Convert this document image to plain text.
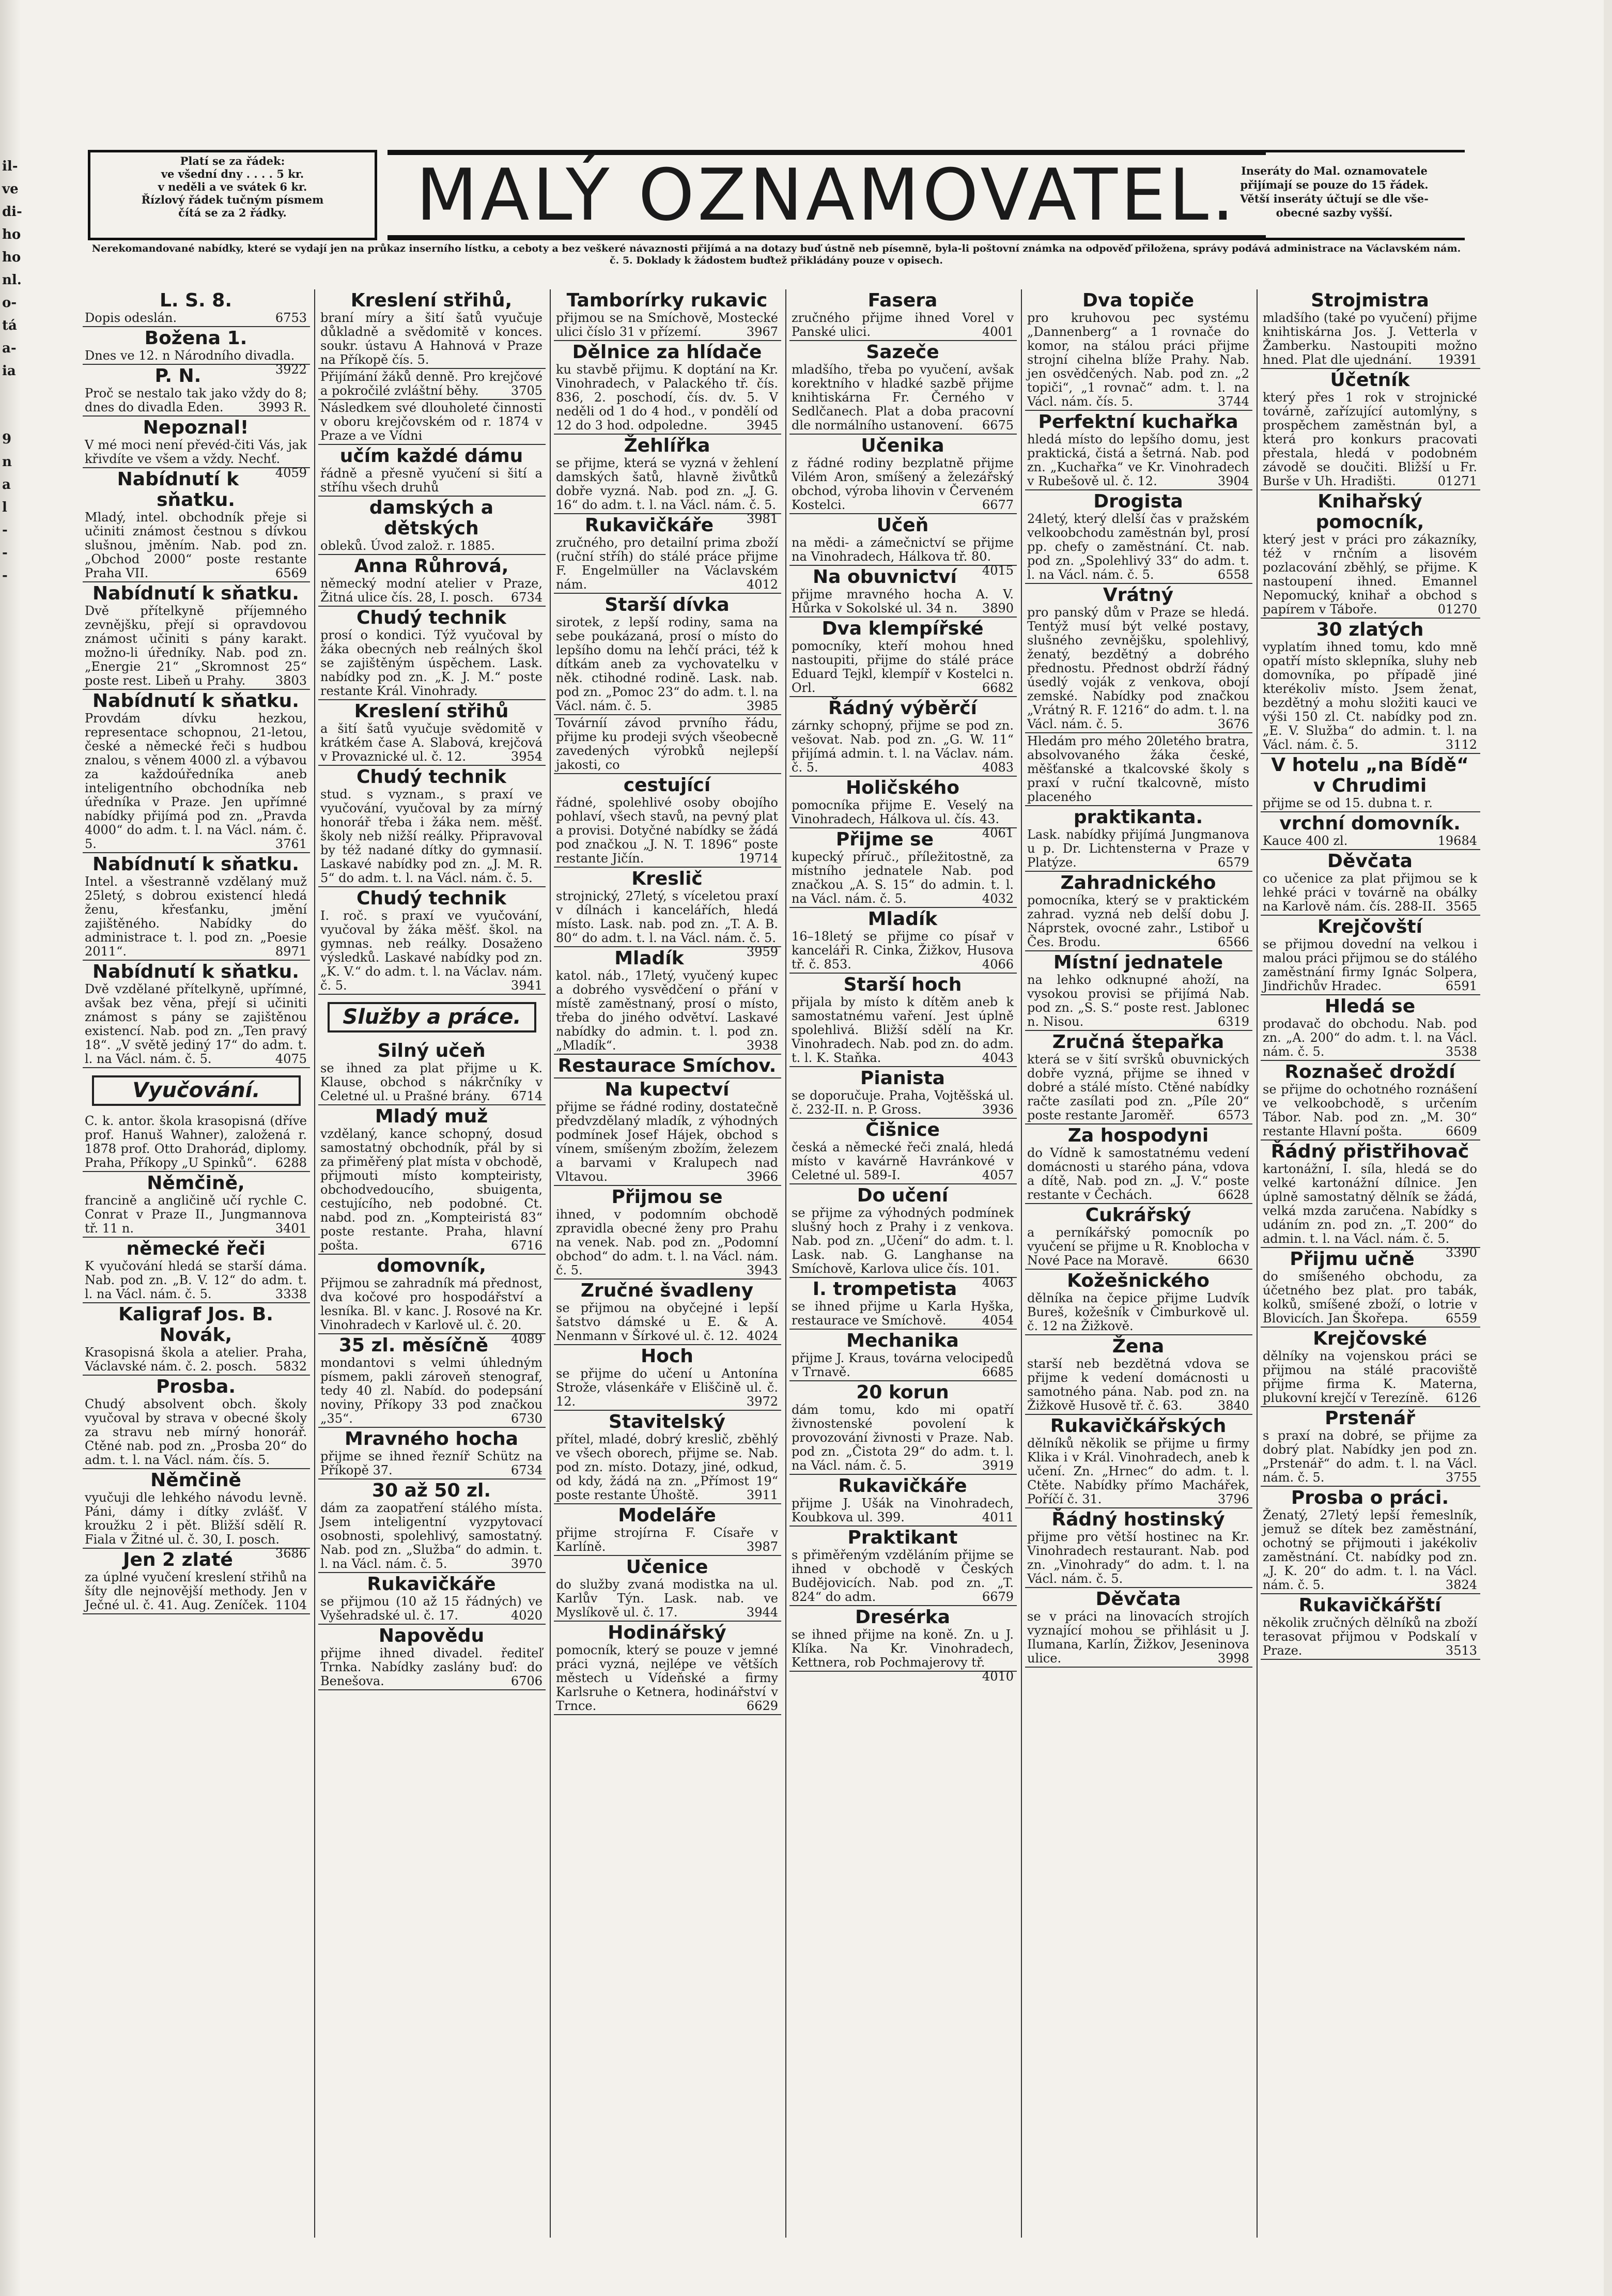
il-
ve
di-
ho
ho
nl.
o-
tá
a-
ia
9
n
a
l
-
-
-
Platí se za řádek:
ve všední dny . . . . 5 kr.
v neděli a ve svátek 6 kr.
Řízlový řádek tučným písmem
čítá se za 2 řádky.	MALÝ OZNAMOVATEL. Inseráty do Mal. oznamovatele
přijímají se pouze do 15 řádek.
Větší inseráty účtují se dle vše-
obecné sazby vyšší.
Nerekomandované nabídky, které se vydají jen na průkaz inserního lístku, a ceboty a bez veškeré návaznosti přijímá a na dotazy buď ústně neb písemně, byla-li poštovní známka na odpověď přiložena, správy podává administrace na Václavském nám. č. 5. Doklady k žádostem buďtež přikládány pouze v opisech.
L. S. 8.
Dopis odeslán.	6753
Božena 1.
Dnes ve 12. n Národního divadla.
3922
P. N.
Proč se nestalo tak jako vždy do 8; dnes do divadla Eden.	3993 R.
Nepoznal!
V mé moci není převéd-čiti Vás, jak křivdíte ve všem a vždy. Nechť.
4059
Nabídnutí k sňatku.
Mladý, intel. obchodník přeje si učiniti známost čestnou s dívkou slušnou, jměním. Nab. pod zn. „Obchod 2000“ poste restante Praha VII.	6569
Nabídnutí k sňatku.
Dvě přítelkyně příjemného zevnějšku, přejí si opravdovou známost učiniti s pány karakt. možno-li úředníky. Nab. pod zn. „Energie 21“ „Skromnost 25“ poste rest. Libeň u Prahy.	3803
Nabídnutí k sňatku.
Provdám dívku hezkou, representace schopnou, 21-letou, české a německé řeči s hudbou znalou, s věnem 4000 zl. a výbavou za každoúředníka aneb inteligentního obchodníka neb úředníka v Praze. Jen upřímné nabídky přijímá pod zn. „Pravda 4000“ do adm. t. l. na Václ. nám. č. 5.	3761
Nabídnutí k sňatku.
Intel. a všestranně vzdělaný muž 25letý, s dobrou existencí hledá ženu, křesťanku, jmění zajištěného. Nabídky do administrace t. l. pod zn. „Poesie 2011“.	8971
Nabídnutí k sňatku.
Dvě vzdělané přítelkyně, upřímné, avšak bez věna, přejí si učiniti známost s pány se zajištěnou existencí. Nab. pod zn. „Ten pravý 18“. „V světě jediný 17“ do adm. t. l. na Václ. nám. č. 5.	4075
Vyučování.
C. k. antor. škola krasopisná (dříve prof. Hanuš Wahner), založená r. 1878 prof. Otto Drahorád, diplomy. Praha, Příkopy „U Spinků“.	6288
Němčině,
francině a angličině učí rychle C. Conrat v Praze II., Jungmannova tř. 11 n.	3401
německé řeči
K vyučování hledá se starší dáma. Nab. pod zn. „B. V. 12“ do adm. t. l. na Václ. nám. č. 5.	3338
Kaligraf Jos. B. Novák,
Krasopisná škola a atelier. Praha, Václavské nám. č. 2. posch.	5832
Prosba.
Chudý absolvent obch. školy vyučoval by strava v obecné školy za stravu neb mírný honorář. Ctěné nab. pod zn. „Prosba 20“ do adm. t. l. na Václ. nám. čís. 5.
Němčině
vyučuji dle lehkého návodu levně. Páni, dámy i dítky zvlášť. V kroužku 2 i pět. Bližší sdělí R. Fiala v Žitné ul. č. 30, I. posch.
3686
Jen 2 zlaté
za úplné vyučení kreslení střihů na šíty dle nejnovější methody. Jen v Ječné ul. č. 41. Aug. Zeníček. 1104
Kreslení střihů,
braní míry a šití šatů vyučuje důkladně a svědomitě v konces. soukr. ústavu A Hahnová v Praze na Příkopě čís. 5.
Přijímání žáků denně. Pro krejčové a pokročilé zvláštní běhy.	3705
Následkem své dlouholeté činnosti v oboru krejčovském od r. 1874 v Praze a ve Vídni
učím každé dámu
řádně a přesně vyučení si šití a stříhu všech druhů
damských a dětských
obleků. Úvod založ. r. 1885.
Anna Růhrová,
německý modní atelier v Praze, Žitná ulice čís. 28, I. posch.	6734
Chudý technik
prosí o kondici. Týž vyučoval by žáka obecných neb reálných škol se zajištěným úspěchem. Lask. nabídky pod zn. „K. J. M.“ poste restante Král. Vinohrady.
Kreslení střihů
a šití šatů vyučuje svědomitě v krátkém čase A. Slabová, krejčová v Provaznické ul. č. 12.	3954
Chudý technik
stud. s vyznam., s praxí ve vyučování, vyučoval by za mírný honorář třeba i žáka nem. měšť. školy neb nižší reálky. Připravoval by též nadané dítky do gymnasií. Laskavé nabídky pod zn. „J. M. R. 5“ do adm. t. l. na Václ. nám. č. 5.
Chudý technik
I. roč. s praxí ve vyučování, vyučoval by žáka měšť. škol. na gymnas. neb reálky. Dosaženo výsledků. Laskavé nabídky pod zn. „K. V.“ do adm. t. l. na Václav. nám. č. 5.	3941
Služby a práce.
Silný učeň
se ihned za plat přijme u K. Klause, obchod s nákrčníky v Celetné ul. u Prašné brány.	6714
Mladý muž
vzdělaný, kance schopný, dosud samostatný obchodník, přál by si za přiměřený plat místa v obchodě, přijmouti místo kompteiristy, obchodvedoucího, sbuigenta, cestujícího, neb podobné. Ct. nabd. pod zn. „Kompteiristá 83“ poste restante. Praha, hlavní pošta.	6716
domovník,
Přijmou se zahradník má přednost, dva kočové pro hospodářství a lesníka. Bl. v kanc. J. Rosové na Kr. Vinohradech v Karlově ul. č. 20.
4089
35 zl. měsíčně
mondantovi s velmi úhledným písmem, pakli zároveň stenograf, tedy 40 zl. Nabíd. do podepsání noviny, Příkopy 33 pod značkou „35“.	6730
Mravného hocha
přijme se ihned řezníř Schütz na Příkopě 37.	6734
30 až 50 zl.
dám za zaopatření stálého místa. Jsem inteligentní vyzpytovací osobnosti, spolehlivý, samostatný. Nab. pod zn. „Služba“ do admin. t. l. na Václ. nám. č. 5.	3970
Rukavičkáře
se přijmou (10 až 15 řádných) ve Vyšehradské ul. č. 17.	4020
Napovědu
přijme ihned divadel. řediteľ Trnka. Nabídky zaslány buď: do Benešova.	6706
Tamborírky rukavic
přijmou se na Smíchově, Mostecké ulici číslo 31 v přízemí.	3967
Dělnice za hlídače
ku stavbě přijmu. K doptání na Kr. Vinohradech, v Palackého tř. čís. 836, 2. poschodí, čís. dv. 5. V neděli od 1 do 4 hod., v pondělí od 12 do 3 hod. odpoledne.	3945
Žehlířka
se přijme, která se vyzná v žehlení damských šatů, hlavně živůtků dobře vyzná. Nab. pod zn. „J. G. 16“ do adm. t. l. na Václ. nám. č. 5.
3981
Rukavičkáře
zručného, pro detailní prima zboží (ruční stříh) do stálé práce přijme F. Engelmüller na Václavském nám.	4012
Starší dívka
sirotek, z lepší rodiny, sama na sebe poukázaná, prosí o místo do lepšího domu na lehčí práci, též k dítkám aneb za vychovatelku v něk. ctihodné rodině. Lask. nab. pod zn. „Pomoc 23“ do adm. t. l. na Václ. nám. č. 5.	3985
Továrníí závod prvního řádu, přijme ku prodeji svých všeobecně zavedených výrobků nejlepší jakosti, co
cestující
řádné, spolehlivé osoby obojího pohlaví, všech stavů, na pevný plat a provisi. Dotyčné nabídky se žádá pod značkou „J. N. T. 1896“ poste restante Jičín.	19714
Kreslič
strojnický, 27letý, s víceletou praxí v dílnách i kancelářích, hledá místo. Lask. nab. pod zn. „T. A. B. 80“ do adm. t. l. na Václ. nám. č. 5.
3959
Mladík
katol. náb., 17letý, vyučený kupec a dobrého vysvědčení o přání v místě zaměstnaný, prosí o místo, třeba do jiného odvětví. Laskavé nabídky do admin. t. l. pod zn. „Mladík“.	3938
Restaurace Smíchov.
Na kupectví
přijme se řádné rodiny, dostatečně předvzdělaný mladík, z výhodných podmínek Josef Hájek, obchod s vínem, smíšeným zbožím, železem a barvami v Kralupech nad Vltavou.	3966
Přijmou se
ihned, v podomním obchodě zpravidla obecné ženy pro Prahu na venek. Nab. pod zn. „Podomní obchod“ do adm. t. l. na Václ. nám. č. 5.	3943
Zručné švadleny
se přijmou na obyčejné i lepší šatstvo dámské u E. & A. Nenmann v Šírkové ul. č. 12. 4024
Hoch
se přijme do učení u Antonína Strože, vlásenkáře v Eliščině ul. č. 12.	3972
Stavitelský
přítel, mladé, dobrý kreslič, zběhlý ve všech oborech, přijme se. Nab. pod zn. místo. Dotazy, jiné, odkud, od kdy, žádá na zn. „Přímost 19“ poste restante Úhoště.	3911
Modeláře
přijme strojírna F. Císaře v Karlíně.	3987
Učenice
do služby zvaná modistka na ul. Karlův Týn. Lask. nab. ve Myslíkově ul. č. 17.	3944
Hodinářský
pomocník, který se pouze v jemné práci vyzná, nejlépe ve větších městech u Vídeňské a firmy Karlsruhe o Ketnera, hodinářství v Trnce.	6629
Fasera
zručného přijme ihned Vorel v Panské ulici.	4001
Sazeče
mladšího, třeba po vyučení, avšak korektního v hladké sazbě přijme knihtiskárna Fr. Černého v Sedlčanech. Plat a doba pracovní dle normálního ustanovení.	6675
Učenika
z řádné rodiny bezplatně přijme Vilém Aron, smíšený a železářský obchod, výroba lihovin v Červeném Kostelci.	6677
Učeň
na mědi- a zámečnictví se přijme na Vinohradech, Hálkova tř. 80.
4015
Na obuvnictví
přijme mravného hocha A. V. Hůrka v Sokolské ul. 34 n.	3890
Dva klempířské
pomocníky, kteří mohou hned nastoupiti, přijme do stálé práce Eduard Tejkl, klempíř v Kostelci n. Orl.	6682
Řádný výběrčí
zárnky schopný, přijme se pod zn. vešovat. Nab. pod zn. „G. W. 11“ přijímá admin. t. l. na Václav. nám. č. 5.	4083
Holičského
pomocníka přijme E. Veselý na Vinohradech, Hálkova ul. čís. 43.
4061
Přijme se
kupecký příruč., příležitostně, za místního jednatele Nab. pod značkou „A. S. 15“ do admin. t. l. na Václ. nám. č. 5.	4032
Mladík
16–18letý se přijme co písař v kanceláři R. Cinka, Žižkov, Husova tř. č. 853.	4066
Starší hoch
přijala by místo k dítěm aneb k samostatnému vaření. Jest úplně spolehlivá. Bližší sdělí na Kr. Vinohradech. Nab. pod zn. do adm. t. l. K. Staňka.	4043
Pianista
se doporučuje. Praha, Vojtěšská ul. č. 232-II. n. P. Gross.	3936
Čišnice
česká a německé řeči znalá, hledá místo v kavárně Havránkové v Celetné ul. 589-I.	4057
Do učení
se přijme za výhodných podmínek slušný hoch z Prahy i z venkova. Nab. pod zn. „Učení“ do adm. t. l. Lask. nab. G. Langhanse na Smíchově, Karlova ulice čís. 101.
4063
I. trompetista
se ihned přijme u Karla Hyška, restaurace ve Smíchově.	4054
Mechanika
přijme J. Kraus, továrna velocipedů v Trnavě.	6685
20 korun
dám tomu, kdo mi opatří živnostenské povolení k provozování živnosti v Praze. Nab. pod zn. „Čistota 29“ do adm. t. l. na Václ. nám. č. 5.	3919
Rukavičkáře
přijme J. Ušák na Vinohradech, Koubkova ul. 399.	4011
Praktikant
s přiměřeným vzděláním přijme se ihned v obchodě v Českých Budějovicích. Nab. pod zn. „T. 824“ do adm.	6679
Dresérka
se ihned přijme na koně. Zn. u J. Klíka. Na Kr. Vinohradech, Kettnera, rob Pochmajerovy tř.
4010
Dva topiče
pro kruhovou pec systému „Dannenberg“ a 1 rovnače do komor, na stálou práci přijme strojní cihelna blíže Prahy. Nab. jen osvědčených. Nab. pod zn. „2 topiči“, „1 rovnač“ adm. t. l. na Václ. nám. čís. 5.	3744
Perfektní kuchařka
hledá místo do lepšího domu, jest praktická, čistá a šetrná. Nab. pod zn. „Kuchařka“ ve Kr. Vinohradech v Rubešově ul. č. 12.	3904
Drogista
24letý, který dlelší čas v pražském velkoobchodu zaměstnán byl, prosí pp. chefy o zaměstnání. Ct. nab. pod zn. „Spolehlivý 33“ do adm. t. l. na Václ. nám. č. 5.	6558
Vrátný
pro panský dům v Praze se hledá. Tentýž musí být velké postavy, slušného zevnějšku, spolehlivý, ženatý, bezdětný a dobrého přednostu. Přednost obdrží řádný úsedlý voják z venkova, obojí zemské. Nabídky pod značkou „Vrátný R. F. 1216“ do adm. t. l. na Václ. nám. č. 5.	3676
Hledám pro mého 20letého bratra, absolvovaného žáka české, měšťanské a tkalcovské školy s praxí v ruční tkalcovně, místo placeného
praktikanta.
Lask. nabídky přijímá Jungmanova u p. Dr. Lichtensterna v Praze v Platýze.	6579
Zahradnického
pomocníka, který se v praktickém zahrad. vyzná neb delší dobu J. Náprstek, ovocné zahr., Lstiboř u Čes. Brodu.	6566
Místní jednatele
na lehko odknupné ahoží, na vysokou provisi se přijímá Nab. pod zn. „S. S.“ poste rest. Jablonec n. Nisou.	6319
Zručná štepařka
která se v šití svršků obuvnických dobře vyzná, přijme se ihned v dobré a stálé místo. Ctěné nabídky račte zasílati pod zn. „Píle 20“ poste restante Jaroměř.	6573
Za hospodyni
do Vídně k samostatnému vedení domácnosti u starého pána, vdova a dítě, Nab. pod zn. „J. V.“ poste restante v Čechách.	6628
Cukrářský
a perníkářský pomocník po vyučení se přijme u R. Knoblocha v Nové Pace na Moravě.	6630
Kožešnického
dělníka na čepice přijme Ludvík Bureš, kožešník v Čimburkově ul. č. 12 na Žižkově.
Žena
starší neb bezdětná vdova se přijme k vedení domácnosti u samotného pána. Nab. pod zn. na Žižkově Husově tř. č. 63.	3840
Rukavičkářských
dělníků několik se přijme u firmy Klika i v Král. Vinohradech, aneb k učení. Zn. „Hrnec“ do adm. t. l. Ctěte. Nabídky přímo Machářek, Poříčí č. 31.	3796
Řádný hostinský
přijme pro větší hostinec na Kr. Vinohradech restaurant. Nab. pod zn. „Vinohrady“ do adm. t. l. na Václ. nám. č. 5.
Děvčata
se v práci na linovacích strojích vyznající mohou se přihlásit u J. Ilumana, Karlín, Žižkov, Jeseninova ulice.	3998
Strojmistra
mladšího (také po vyučení) přijme knihtiskárna Jos. J. Vetterla v Žamberku. Nastoupiti možno hned. Plat dle ujednání.	19391
Účetník
který přes 1 rok v strojnické továrně, zařízující automlýny, s prospěchem zaměstnán byl, a která pro konkurs pracovati přestala, hledá v podobném závodě se doučiti. Bližší u Fr. Burše v Uh. Hradišti.	01271
Knihařský pomocník,
který jest v práci pro zákazníky, též v rnčním a lisovém pozlacování zběhlý, se přijme. K nastoupení ihned. Emannel Nepomucký, knihař a obchod s papírem v Táboře.	01270
30 zlatých
vyplatím ihned tomu, kdo mně opatří místo sklepníka, sluhy neb domovníka, po případě jiné kterékoliv místo. Jsem ženat, bezdětný a mohu složiti kauci ve výši 150 zl. Ct. nabídky pod zn. „E. V. Služba“ do admin. t. l. na Václ. nám. č. 5.	3112
V hotelu „na Bídě“ v Chrudimi
přijme se od 15. dubna t. r.
vrchní domovník.
Kauce 400 zl.	19684
Děvčata
co učenice za plat přijmou se k lehké práci v továrně na obálky na Karlově nám. čís. 288-II. 3565
Krejčovští
se přijmou dovední na velkou i malou práci přijmou se do stálého zaměstnání firmy Ignác Solpera, Jindřichův Hradec.	6591
Hledá se
prodavač do obchodu. Nab. pod zn. „A. 200“ do adm. t. l. na Václ. nám. č. 5.	3538
Roznašeč droždí
se přijme do ochotného roznášení ve velkoobchodě, s určením Tábor. Nab. pod zn. „M. 30“ restante Hlavní pošta.	6609
Řádný přistřihovač
kartonážní, I. síla, hledá se do velké kartonážní dílnice. Jen úplně samostatný dělník se žádá, velká mzda zaručena. Nabídky s udáním zn. pod zn. „T. 200“ do admin. t. l. na Václ. nám. č. 5.
3390
Přijmu učně
do smíšeného obchodu, za účetného bez plat. pro tabák, kolků, smíšené zboží, o lotrie v Blovicích. Jan Škořepa.	6559
Krejčovské
dělníky na vojenskou práci se přijmou na stálé pracoviště přijme firma K. Materna, plukovní krejčí v Terezíně.	6126
Prstenář
s praxí na dobré, se přijme za dobrý plat. Nabídky jen pod zn. „Prstenář“ do adm. t. l. na Václ. nám. č. 5.	3755
Prosba o práci.
Ženatý, 27letý lepší řemeslník, jemuž se dítek bez zaměstnání, ochotný se přijmouti i jakékoliv zaměstnání. Ct. nabídky pod zn. „J. K. 20“ do adm. t. l. na Václ. nám. č. 5.	3824
Rukavičkářští
několik zručných dělníků na zboží terasovat přijmou v Podskalí v Praze.	3513
